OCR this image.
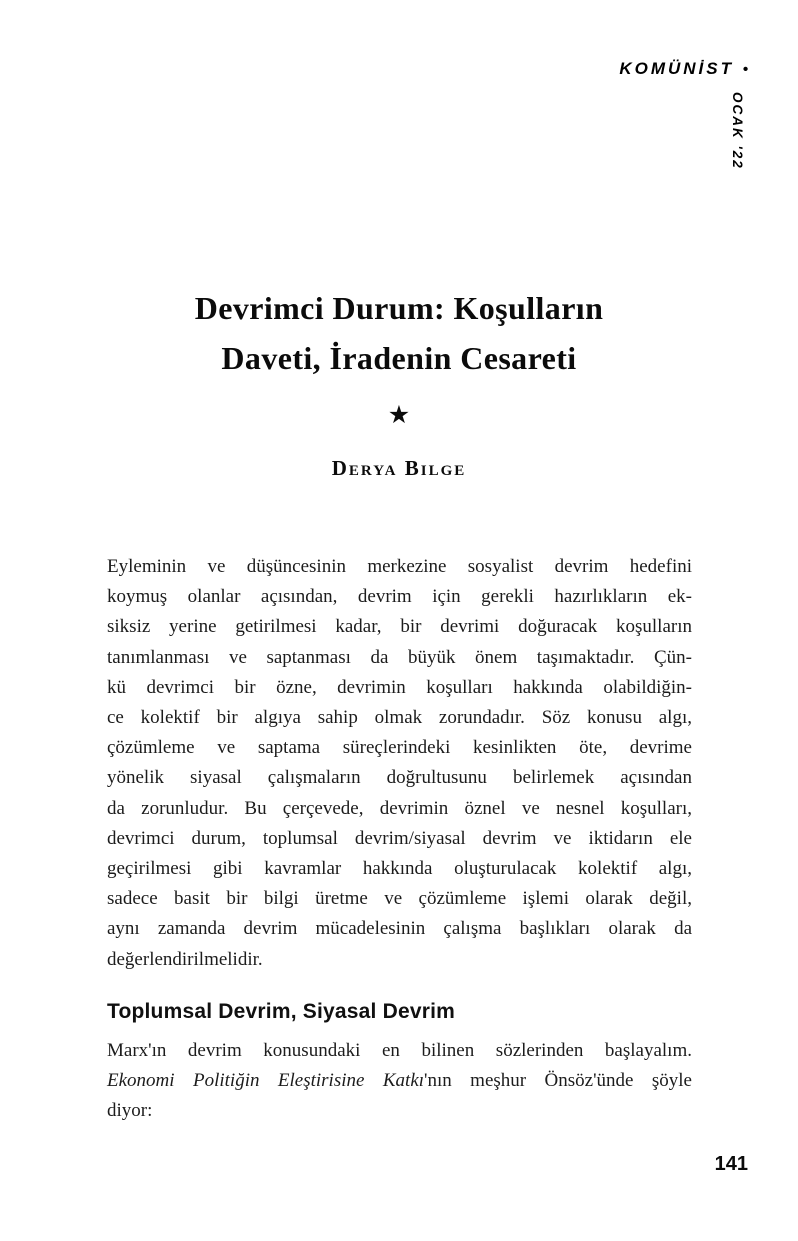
KOMÜNİST •
OCAK '22
Devrimci Durum: Koşulların
Daveti, İradenin Cesareti
★
Derya Bilge
Eyleminin ve düşüncesinin merkezine sosyalist devrim hedefini
koymuş olanlar açısından, devrim için gerekli hazırlıkların ek-
siksiz yerine getirilmesi kadar, bir devrimi doğuracak koşulların
tanımlanması ve saptanması da büyük önem taşımaktadır. Çün-
kü devrimci bir özne, devrimin koşulları hakkında olabildiğin-
ce kolektif bir algıya sahip olmak zorundadır. Söz konusu algı,
çözümleme ve saptama süreçlerindeki kesinlikten öte, devrime
yönelik siyasal çalışmaların doğrultusunu belirlemek açısından
da zorunludur. Bu çerçevede, devrimin öznel ve nesnel koşulları,
devrimci durum, toplumsal devrim/siyasal devrim ve iktidarın ele
geçirilmesi gibi kavramlar hakkında oluşturulacak kolektif algı,
sadece basit bir bilgi üretme ve çözümleme işlemi olarak değil,
aynı zamanda devrim mücadelesinin çalışma başlıkları olarak da
değerlendirilmelidir.
Toplumsal Devrim, Siyasal Devrim
Marx'ın devrim konusundaki en bilinen sözlerinden başlayalım.
Ekonomi Politiğin Eleştirisine Katkı'nın meşhur Önsöz'ünde şöyle
diyor:
141
